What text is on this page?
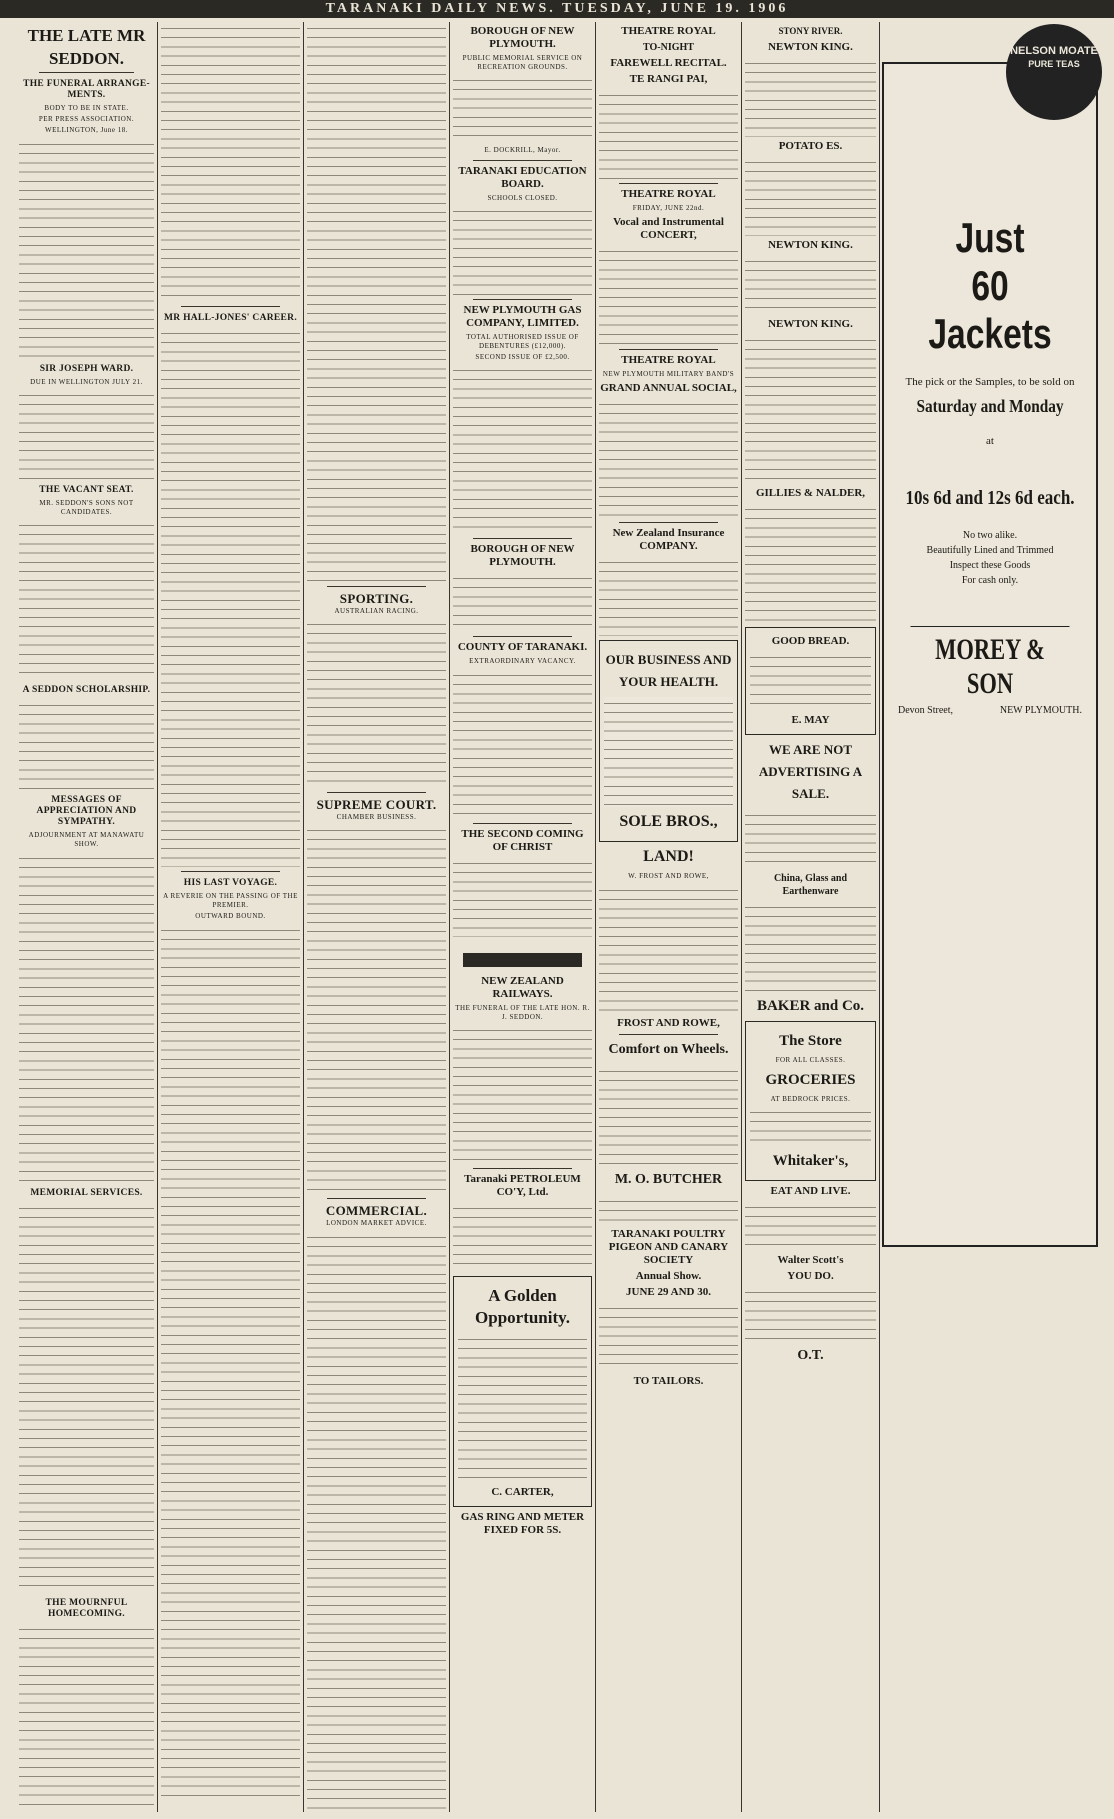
TARANAKI DAILY NEWS. TUESDAY, JUNE 19. 1906
THE LATE MR
SEDDON.
THE FUNERAL ARRANGE- MENTS.
BODY TO BE IN STATE.
PER PRESS ASSOCIATION.
WELLINGTON, June 18.
SIR JOSEPH WARD.
DUE IN WELLINGTON JULY 21.
THE VACANT SEAT.
MR. SEDDON'S SONS NOT CANDIDATES.
A SEDDON SCHOLARSHIP.
MESSAGES OF APPRECIATION AND SYMPATHY.
ADJOURNMENT AT MANAWATU SHOW.
MEMORIAL SERVICES.
THE MOURNFUL HOMECOMING.
MR HALL-JONES' CAREER.
HIS LAST VOYAGE.
A REVERIE ON THE PASSING OF THE PREMIER.
OUTWARD BOUND.
SPORTING.
AUSTRALIAN RACING.
SUPREME COURT.
CHAMBER BUSINESS.
COMMERCIAL.
LONDON MARKET ADVICE.
BOROUGH OF NEW PLYMOUTH.
PUBLIC MEMORIAL SERVICE ON RECREATION GROUNDS.
E. DOCKRILL, Mayor.
TARANAKI EDUCATION BOARD.
SCHOOLS CLOSED.
NEW PLYMOUTH GAS COMPANY, LIMITED.
TOTAL AUTHORISED ISSUE OF DEBENTURES (£12,000).
SECOND ISSUE OF £2,500.
BOROUGH OF NEW PLYMOUTH.
COUNTY OF TARANAKI.
EXTRAORDINARY VACANCY.
THE SECOND COMING OF CHRIST
NEW ZEALAND RAILWAYS.
THE FUNERAL OF THE LATE HON. R. J. SEDDON.
Taranaki PETROLEUM CO'Y, Ltd.
A Golden Opportunity.
C. CARTER,
GAS RING AND METER FIXED FOR 5S.
THEATRE ROYAL
TO-NIGHT
FAREWELL RECITAL.
TE RANGI PAI,
THEATRE ROYAL
FRIDAY, JUNE 22nd.
Vocal and Instrumental CONCERT,
THEATRE ROYAL
NEW PLYMOUTH MILITARY BAND'S
GRAND ANNUAL SOCIAL,
New Zealand Insurance COMPANY.
OUR BUSINESS AND YOUR HEALTH.
SOLE BROS.,
LAND!
W. FROST AND ROWE,
FROST AND ROWE,
Comfort on Wheels.
M. O. BUTCHER
TARANAKI POULTRY PIGEON AND CANARY SOCIETY
Annual Show.
JUNE 29 AND 30.
TO TAILORS.
STONY RIVER.
NEWTON KING.
POTATO ES.
NEWTON KING.
NEWTON KING.
GILLIES & NALDER,
GOOD BREAD.
E. MAY
WE ARE NOT ADVERTISING A SALE.
China, Glass and Earthenware
BAKER and Co.
The Store
FOR ALL CLASSES.
GROCERIES
AT BEDROCK PRICES.
Whitaker's,
EAT AND LIVE.
Walter Scott's
YOU DO.
O.T.
Just
60
Jackets
The pick or the Samples, to be sold on
Saturday and Monday
at
10s 6d and 12s 6d each.
No two alike.
Beautifully Lined and Trimmed
Inspect these Goods
For cash only.
MOREY & SON
Devon Street,	NEW PLYMOUTH.
NELSON MOATE
PURE TEAS
